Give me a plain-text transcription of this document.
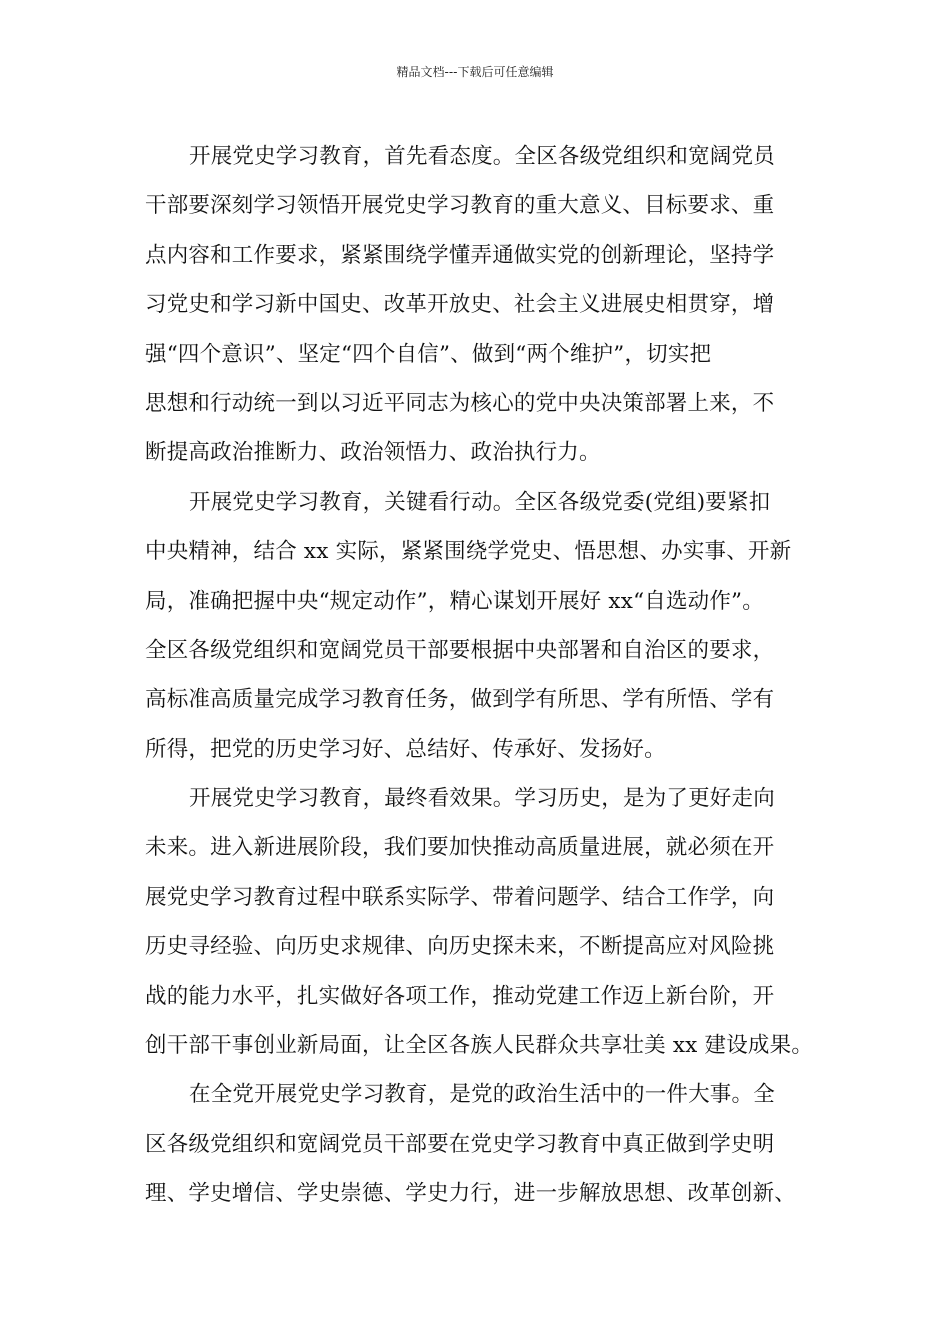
精品文档---下载后可任意编辑
开展党史学习教育，首先看态度。全区各级党组织和宽阔党员
干部要深刻学习领悟开展党史学习教育的重大意义、目标要求、重
点内容和工作要求，紧紧围绕学懂弄通做实党的创新理论，坚持学
习党史和学习新中国史、改革开放史、社会主义进展史相贯穿，增
强“四个意识”、坚定“四个自信”、做到“两个维护”，切实把
思想和行动统一到以习近平同志为核心的党中央决策部署上来，不
断提高政治推断力、政治领悟力、政治执行力。
开展党史学习教育，关键看行动。全区各级党委(党组)要紧扣
中央精神，结合 xx 实际，紧紧围绕学党史、悟思想、办实事、开新
局，准确把握中央“规定动作”，精心谋划开展好 xx“自选动作”。
全区各级党组织和宽阔党员干部要根据中央部署和自治区的要求，
高标准高质量完成学习教育任务，做到学有所思、学有所悟、学有
所得，把党的历史学习好、总结好、传承好、发扬好。
开展党史学习教育，最终看效果。学习历史，是为了更好走向
未来。进入新进展阶段，我们要加快推动高质量进展，就必须在开
展党史学习教育过程中联系实际学、带着问题学、结合工作学，向
历史寻经验、向历史求规律、向历史探未来，不断提高应对风险挑
战的能力水平，扎实做好各项工作，推动党建工作迈上新台阶，开
创干部干事创业新局面，让全区各族人民群众共享壮美 xx 建设成果。
在全党开展党史学习教育，是党的政治生活中的一件大事。全
区各级党组织和宽阔党员干部要在党史学习教育中真正做到学史明
理、学史增信、学史崇德、学史力行，进一步解放思想、改革创新、
